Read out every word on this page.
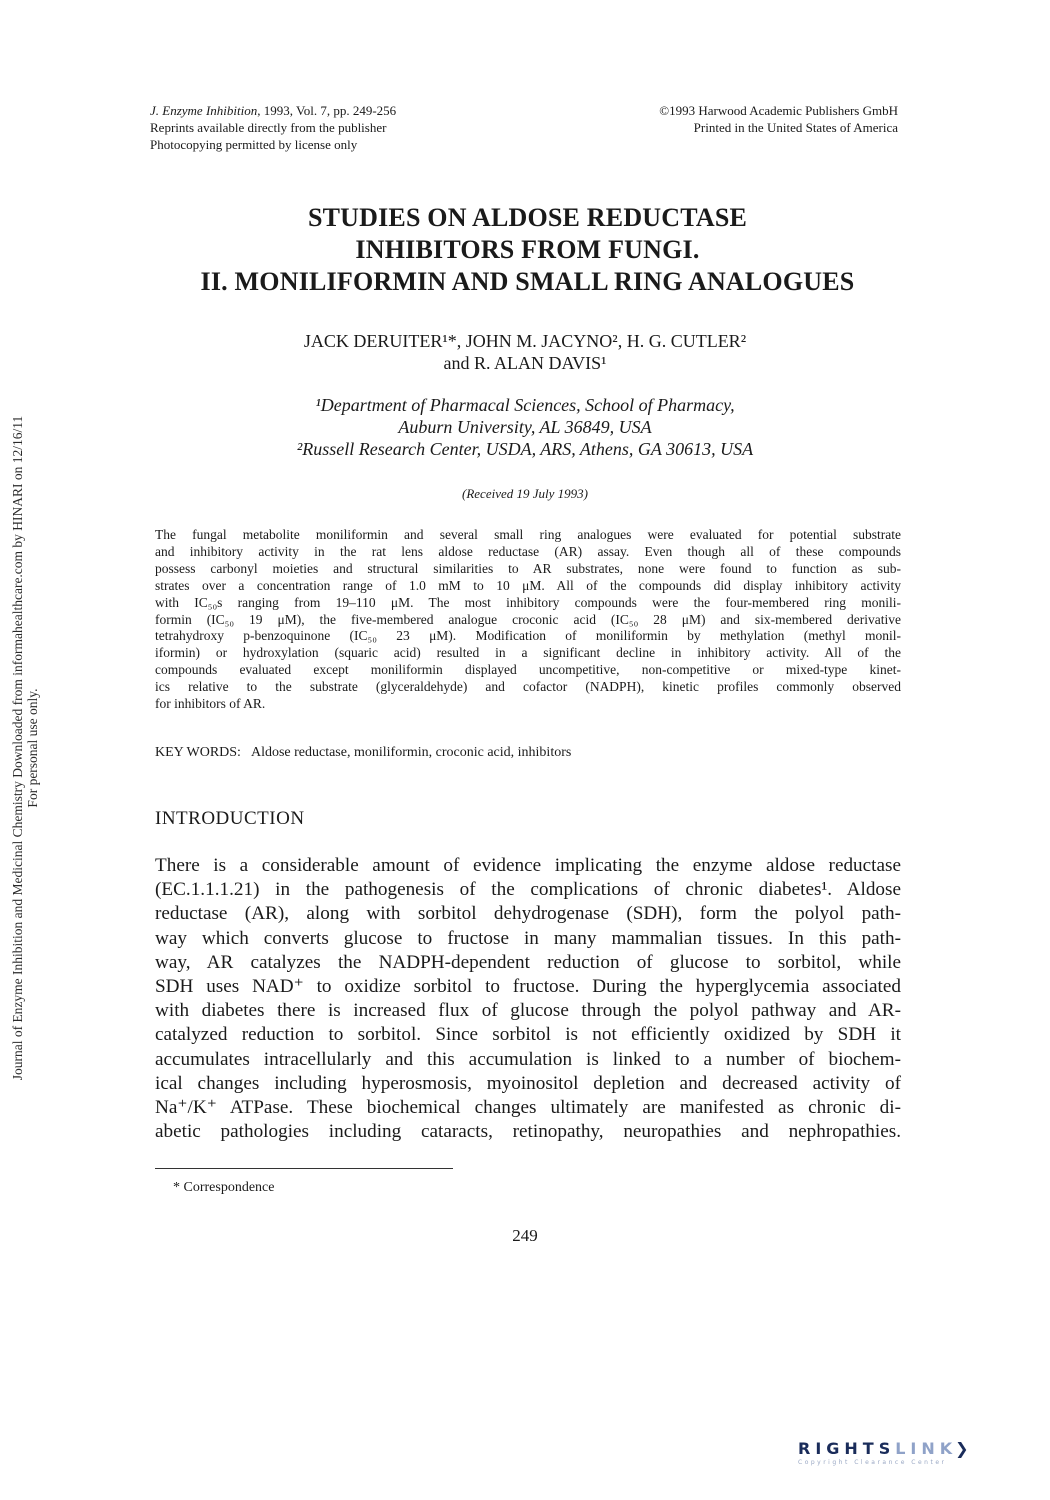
J. Enzyme Inhibition, 1993, Vol. 7, pp. 249-256
Reprints available directly from the publisher
Photocopying permitted by license only
©1993 Harwood Academic Publishers GmbH
Printed in the United States of America
STUDIES ON ALDOSE REDUCTASE
INHIBITORS FROM FUNGI.
II. MONILIFORMIN AND SMALL RING ANALOGUES
JACK DERUITER¹*, JOHN M. JACYNO², H. G. CUTLER²
and R. ALAN DAVIS¹
¹Department of Pharmacal Sciences, School of Pharmacy,
Auburn University, AL 36849, USA
²Russell Research Center, USDA, ARS, Athens, GA 30613, USA
(Received 19 July 1993)
The fungal metabolite moniliformin and several small ring analogues were evaluated for potential substrate
and inhibitory activity in the rat lens aldose reductase (AR) assay. Even though all of these compounds
possess carbonyl moieties and structural similarities to AR substrates, none were found to function as sub-
strates over a concentration range of 1.0 mM to 10 μM. All of the compounds did display inhibitory activity
with IC₅₀s ranging from 19–110 μM. The most inhibitory compounds were the four-membered ring monili-
formin (IC₅₀ 19 μM), the five-membered analogue croconic acid (IC₅₀ 28 μM) and six-membered derivative
tetrahydroxy p-benzoquinone (IC₅₀ 23 μM). Modification of moniliformin by methylation (methyl monil-
iformin) or hydroxylation (squaric acid) resulted in a significant decline in inhibitory activity. All of the
compounds evaluated except moniliformin displayed uncompetitive, non-competitive or mixed-type kinet-
ics relative to the substrate (glyceraldehyde) and cofactor (NADPH), kinetic profiles commonly observed
for inhibitors of AR.
KEY WORDS: Aldose reductase, moniliformin, croconic acid, inhibitors
INTRODUCTION
There is a considerable amount of evidence implicating the enzyme aldose reductase
(EC.1.1.1.21) in the pathogenesis of the complications of chronic diabetes¹. Aldose
reductase (AR), along with sorbitol dehydrogenase (SDH), form the polyol path-
way which converts glucose to fructose in many mammalian tissues. In this path-
way, AR catalyzes the NADPH-dependent reduction of glucose to sorbitol, while
SDH uses NAD⁺ to oxidize sorbitol to fructose. During the hyperglycemia associated
with diabetes there is increased flux of glucose through the polyol pathway and AR-
catalyzed reduction to sorbitol. Since sorbitol is not efficiently oxidized by SDH it
accumulates intracellularly and this accumulation is linked to a number of biochem-
ical changes including hyperosmosis, myoinositol depletion and decreased activity of
Na⁺/K⁺ ATPase. These biochemical changes ultimately are manifested as chronic di-
abetic pathologies including cataracts, retinopathy, neuropathies and nephropathies.
* Correspondence
249
Journal of Enzyme Inhibition and Medicinal Chemistry Downloaded from informahealthcare.com by HINARI on 12/16/11 For personal use only.
RIGHTSLINK❯
Copyright Clearance Center
